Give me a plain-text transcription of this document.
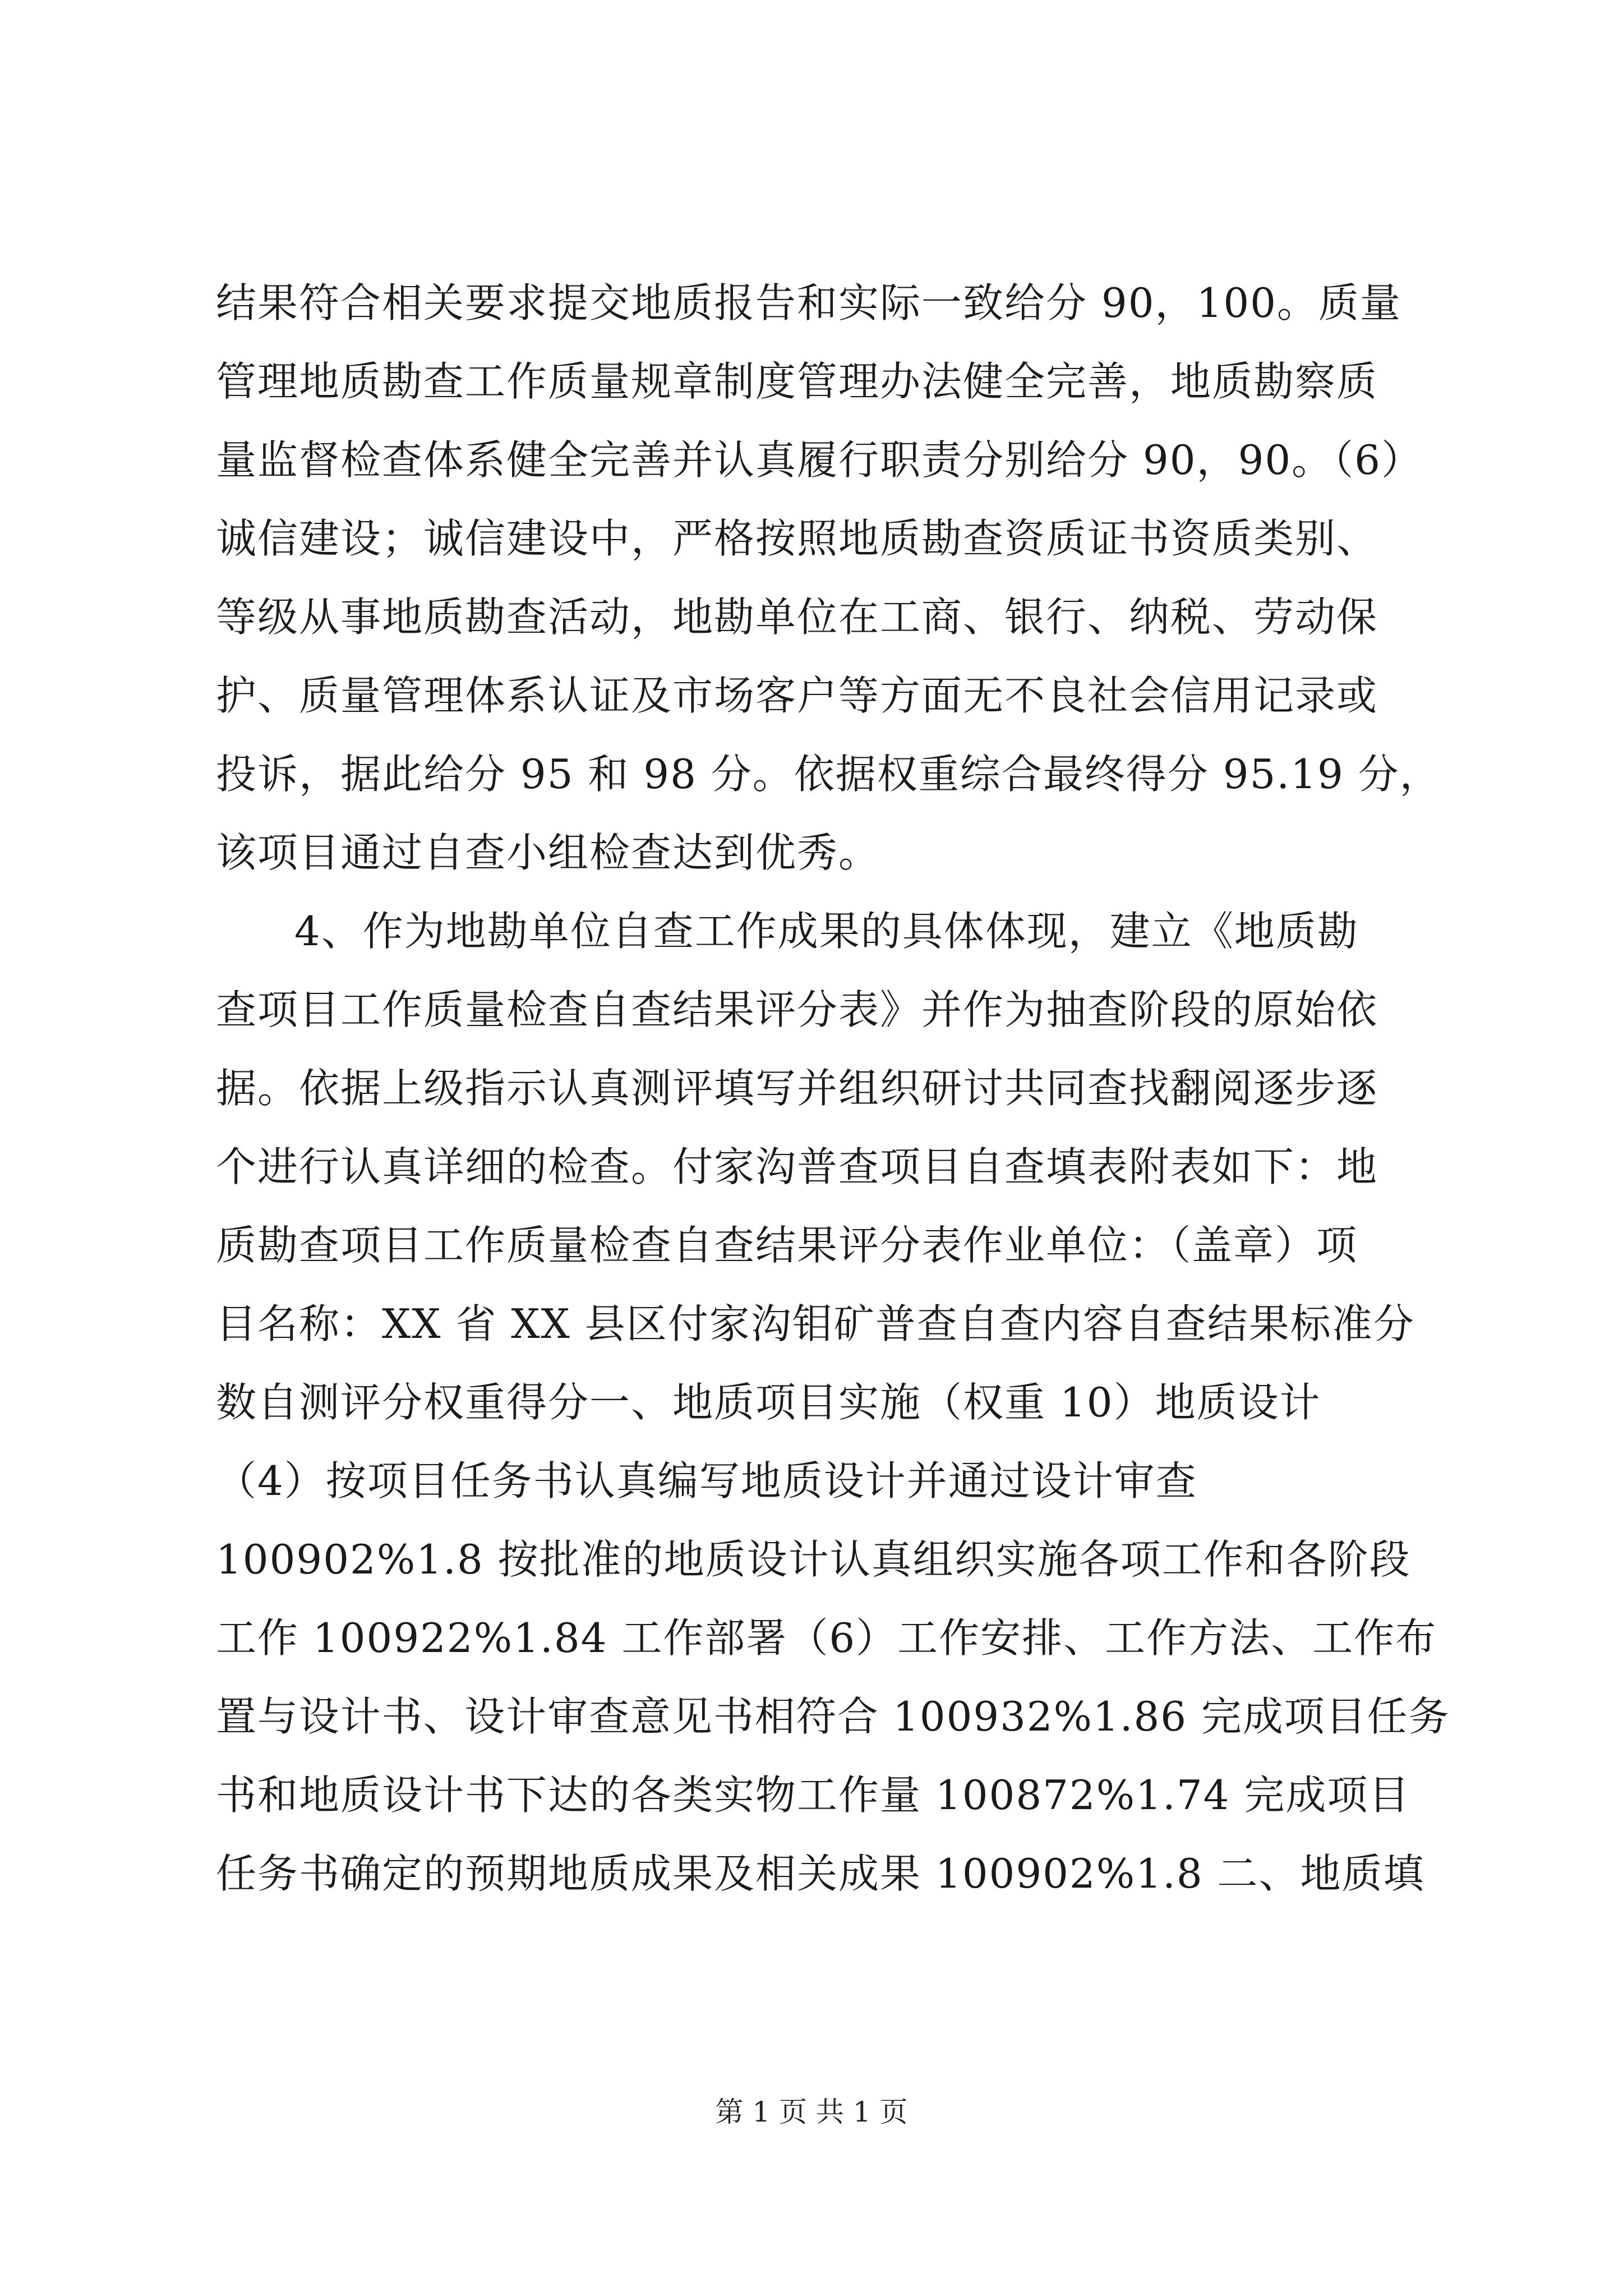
结果符合相关要求提交地质报告和实际一致给分 90，100。质量
管理地质勘查工作质量规章制度管理办法健全完善，地质勘察质
量监督检查体系健全完善并认真履行职责分别给分 90，90。（6）
诚信建设；诚信建设中，严格按照地质勘查资质证书资质类别、
等级从事地质勘查活动，地勘单位在工商、银行、纳税、劳动保
护、质量管理体系认证及市场客户等方面无不良社会信用记录或
投诉，据此给分 95 和 98 分。依据权重综合最终得分 95.19 分，
该项目通过自查小组检查达到优秀。
4、作为地勘单位自查工作成果的具体体现，建立《地质勘
查项目工作质量检查自查结果评分表》并作为抽查阶段的原始依
据。依据上级指示认真测评填写并组织研讨共同查找翻阅逐步逐
个进行认真详细的检查。付家沟普查项目自查填表附表如下：地
质勘查项目工作质量检查自查结果评分表作业单位：（盖章）项
目名称：XX 省 XX 县区付家沟钼矿普查自查内容自查结果标准分
数自测评分权重得分一、地质项目实施（权重 10）地质设计
（4）按项目任务书认真编写地质设计并通过设计审查
100902%1.8 按批准的地质设计认真组织实施各项工作和各阶段
工作 100922%1.84 工作部署（6）工作安排、工作方法、工作布
置与设计书、设计审查意见书相符合 100932%1.86 完成项目任务
书和地质设计书下达的各类实物工作量 100872%1.74 完成项目
任务书确定的预期地质成果及相关成果 100902%1.8 二、地质填
第 1 页 共 1 页
